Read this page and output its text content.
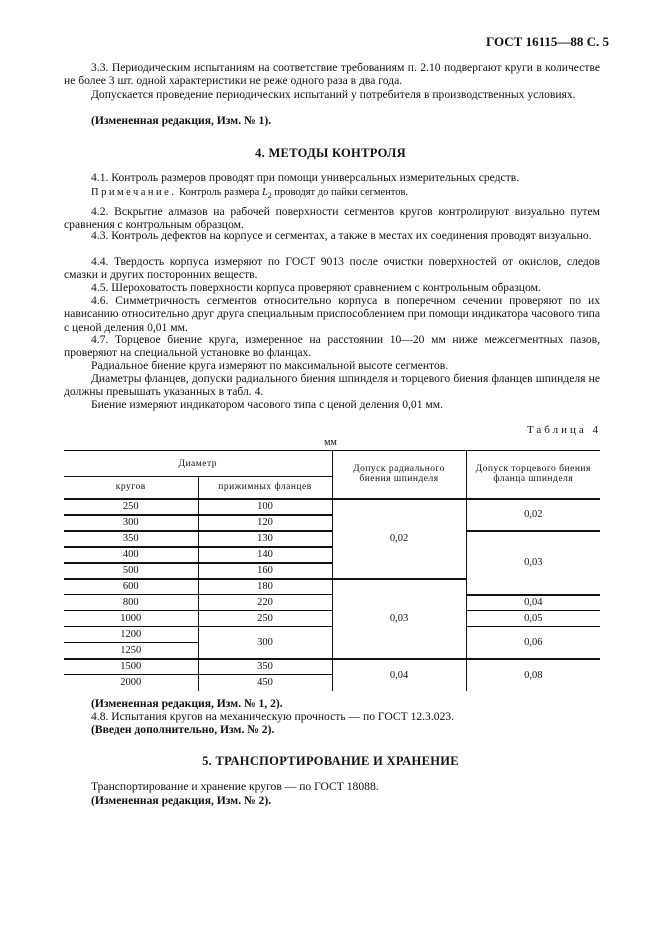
ГОСТ 16115—88 С. 5
3.3. Периодическим испытаниям на соответствие требованиям п. 2.10 подвергают круги в количестве не более 3 шт. одной характеристики не реже одного раза в два года.
Допускается проведение периодических испытаний у потребителя в производственных условиях.
(Измененная редакция, Изм. № 1).
4. МЕТОДЫ КОНТРОЛЯ
4.1. Контроль размеров проводят при помощи универсальных измерительных средств.
Примечание. Контроль размера $L_2$ проводят до пайки сегментов.
4.2. Вскрытие алмазов на рабочей поверхности сегментов кругов контролируют визуально путем сравнения с контрольным образцом.
4.3. Контроль дефектов на корпусе и сегментах, а также в местах их соединения проводят визуально.
4.4. Твердость корпуса измеряют по ГОСТ 9013 после очистки поверхностей от окислов, следов смазки и других посторонних веществ.
4.5. Шероховатость поверхности корпуса проверяют сравнением с контрольным образцом.
4.6. Симметричность сегментов относительно корпуса в поперечном сечении проверяют по их нависанию относительно друг друга специальным приспособлением при помощи индикатора часового типа с ценой деления 0,01 мм.
4.7. Торцевое биение круга, измеренное на расстоянии 10—20 мм ниже межсегментных пазов, проверяют на специальной установке во фланцах.
Радиальное биение круга измеряют по максимальной высоте сегментов.
Диаметры фланцев, допуски радиального биения шпинделя и торцевого биения фланцев шпинделя не должны превышать указанных в табл. 4.
Биение измеряют индикатором часового типа с ценой деления 0,01 мм.
Таблица 4
мм
Диаметр		Допуск радиального биения шпинделя	Допуск торцевого биения фланца шпинделя
кругов	прижимных фланцев		
250	100	0,02	0,02
300	120		
350	130		0,03
400	140		
500	160		
600	180	0,03	
800	220		0,04
1000	250		0,05
1200	300		0,06
1250			
1500	350	0,04	0,08
2000	450		
(Измененная редакция, Изм. № 1, 2).
4.8. Испытания кругов на механическую прочность — по ГОСТ 12.3.023.
(Введен дополнительно, Изм. № 2).
5. ТРАНСПОРТИРОВАНИЕ И ХРАНЕНИЕ
Транспортирование и хранение кругов — по ГОСТ 18088.
(Измененная редакция, Изм. № 2).
